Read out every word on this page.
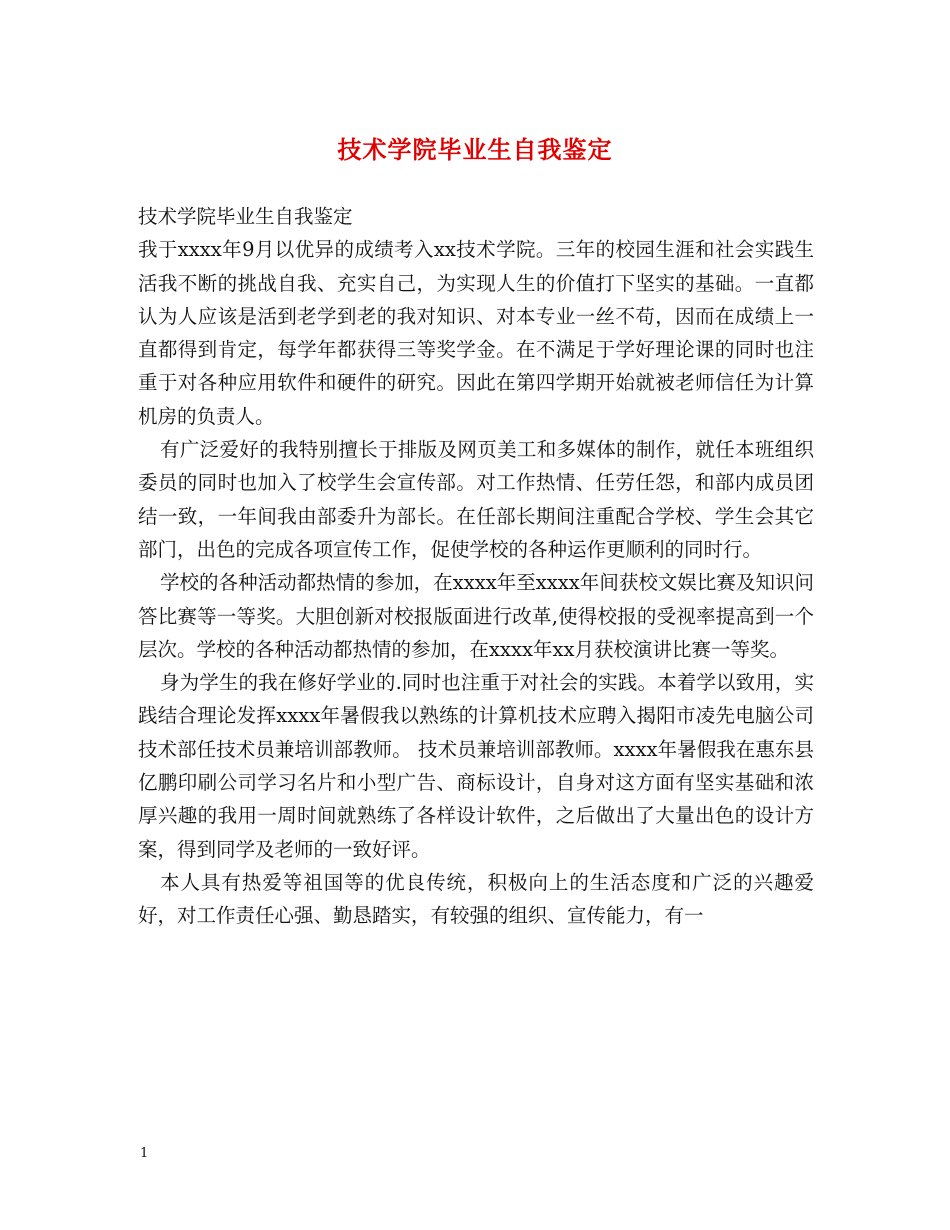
技术学院毕业生自我鉴定

技术学院毕业生自我鉴定

我于xxxx年9月以优异的成绩考入xx技术学院。三年的校园生涯和社会实践生活我不断的挑战自我、充实自己，为实现人生的价值打下坚实的基础。一直都认为人应该是活到老学到老的我对知识、对本专业一丝不苟，因而在成绩上一直都得到肯定，每学年都获得三等奖学金。在不满足于学好理论课的同时也注重于对各种应用软件和硬件的研究。因此在第四学期开始就被老师信任为计算机房的负责人。

有广泛爱好的我特别擅长于排版及网页美工和多媒体的制作，就任本班组织委员的同时也加入了校学生会宣传部。对工作热情、任劳任怨，和部内成员团结一致，一年间我由部委升为部长。在任部长期间注重配合学校、学生会其它部门，出色的完成各项宣传工作，促使学校的各种运作更顺利的同时行。

学校的各种活动都热情的参加，在xxxx年至xxxx年间获校文娱比赛及知识问答比赛等一等奖。大胆创新对校报版面进行改革,使得校报的受视率提高到一个层次。学校的各种活动都热情的参加，在xxxx年xx月获校演讲比赛一等奖。

身为学生的我在修好学业的.同时也注重于对社会的实践。本着学以致用，实践结合理论发挥xxxx年暑假我以熟练的计算机技术应聘入揭阳市凌先电脑公司技术部任技术员兼培训部教师。 技术员兼培训部教师。xxxx年暑假我在惠东县亿鹏印刷公司学习名片和小型广告、商标设计，自身对这方面有坚实基础和浓厚兴趣的我用一周时间就熟练了各样设计软件，之后做出了大量出色的设计方案，得到同学及老师的一致好评。

本人具有热爱等祖国等的优良传统，积极向上的生活态度和广泛的兴趣爱好，对工作责任心强、勤恳踏实，有较强的组织、宣传能力，有一

1
